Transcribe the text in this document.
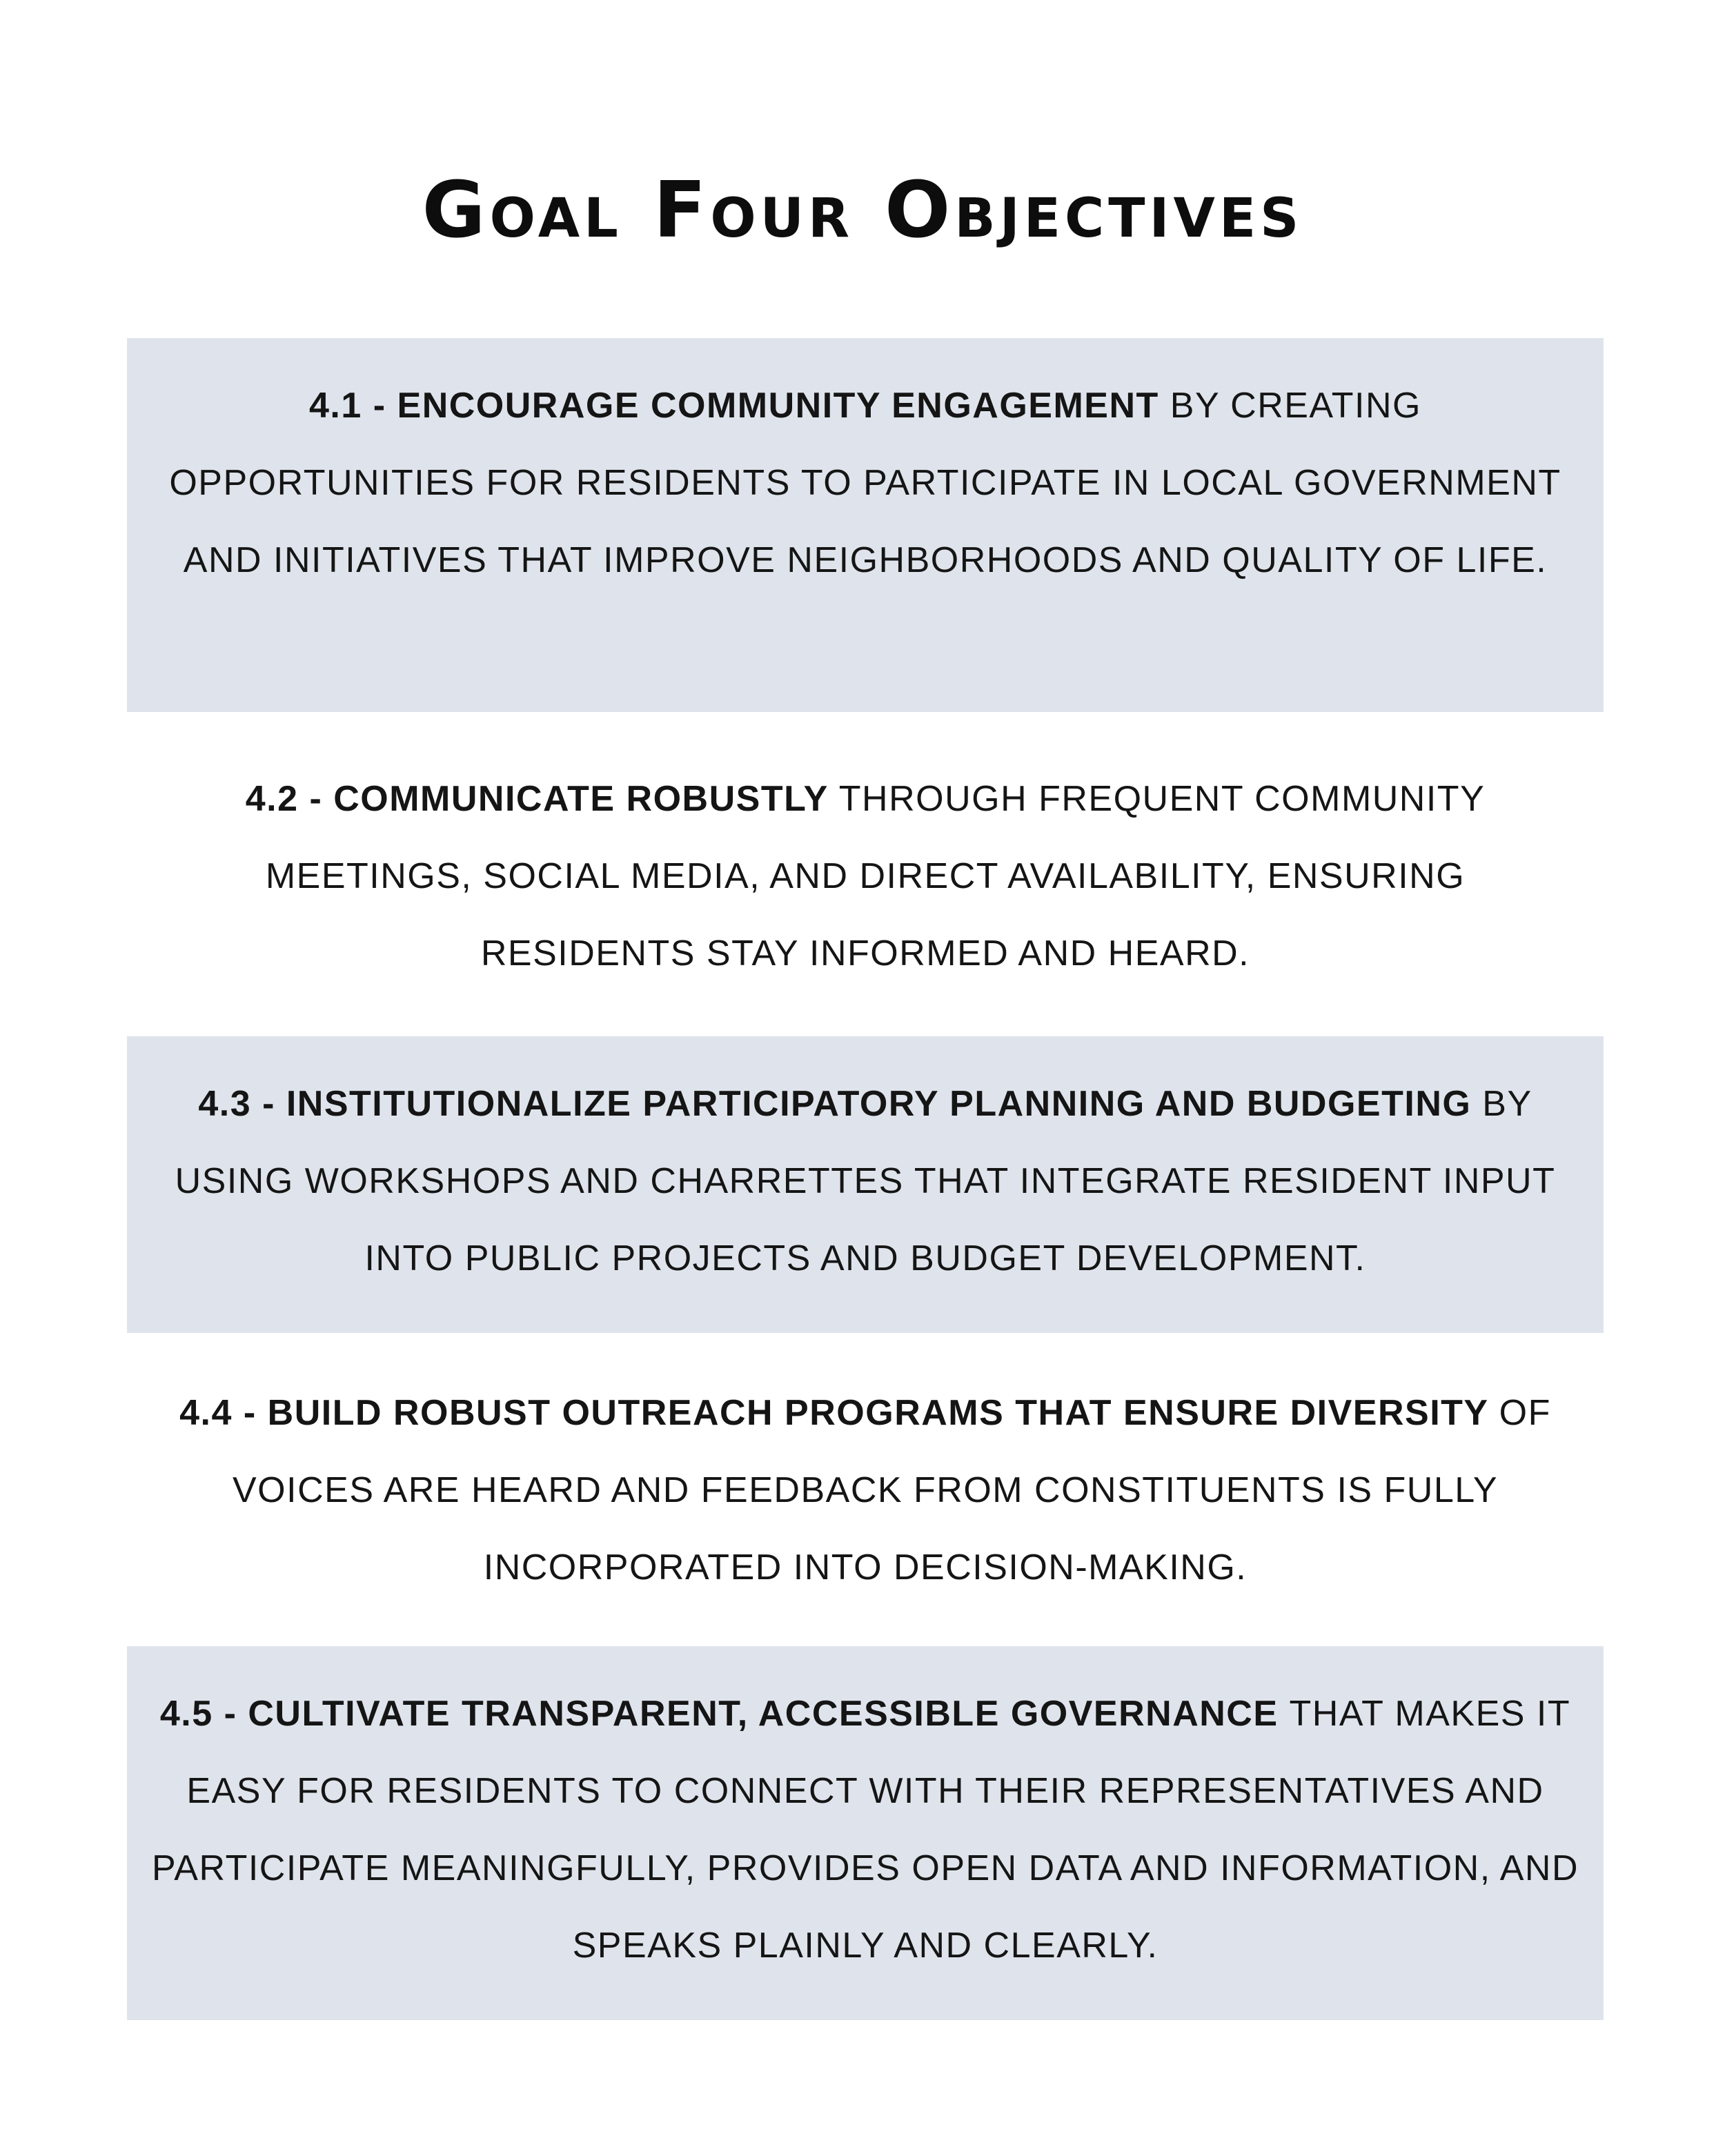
Goal Four Objectives
4.1 - ENCOURAGE COMMUNITY ENGAGEMENT BY CREATING OPPORTUNITIES FOR RESIDENTS TO PARTICIPATE IN LOCAL GOVERNMENT AND INITIATIVES THAT IMPROVE NEIGHBORHOODS AND QUALITY OF LIFE.
4.2 - COMMUNICATE ROBUSTLY THROUGH FREQUENT COMMUNITY MEETINGS, SOCIAL MEDIA, AND DIRECT AVAILABILITY, ENSURING RESIDENTS STAY INFORMED AND HEARD.
4.3 - INSTITUTIONALIZE PARTICIPATORY PLANNING AND BUDGETING BY USING WORKSHOPS AND CHARRETTES THAT INTEGRATE RESIDENT INPUT INTO PUBLIC PROJECTS AND BUDGET DEVELOPMENT.
4.4 - BUILD ROBUST OUTREACH PROGRAMS THAT ENSURE DIVERSITY OF VOICES ARE HEARD AND FEEDBACK FROM CONSTITUENTS IS FULLY INCORPORATED INTO DECISION-MAKING.
4.5 - CULTIVATE TRANSPARENT, ACCESSIBLE GOVERNANCE THAT MAKES IT EASY FOR RESIDENTS TO CONNECT WITH THEIR REPRESENTATIVES AND PARTICIPATE MEANINGFULLY, PROVIDES OPEN DATA AND INFORMATION, AND SPEAKS PLAINLY AND CLEARLY.
